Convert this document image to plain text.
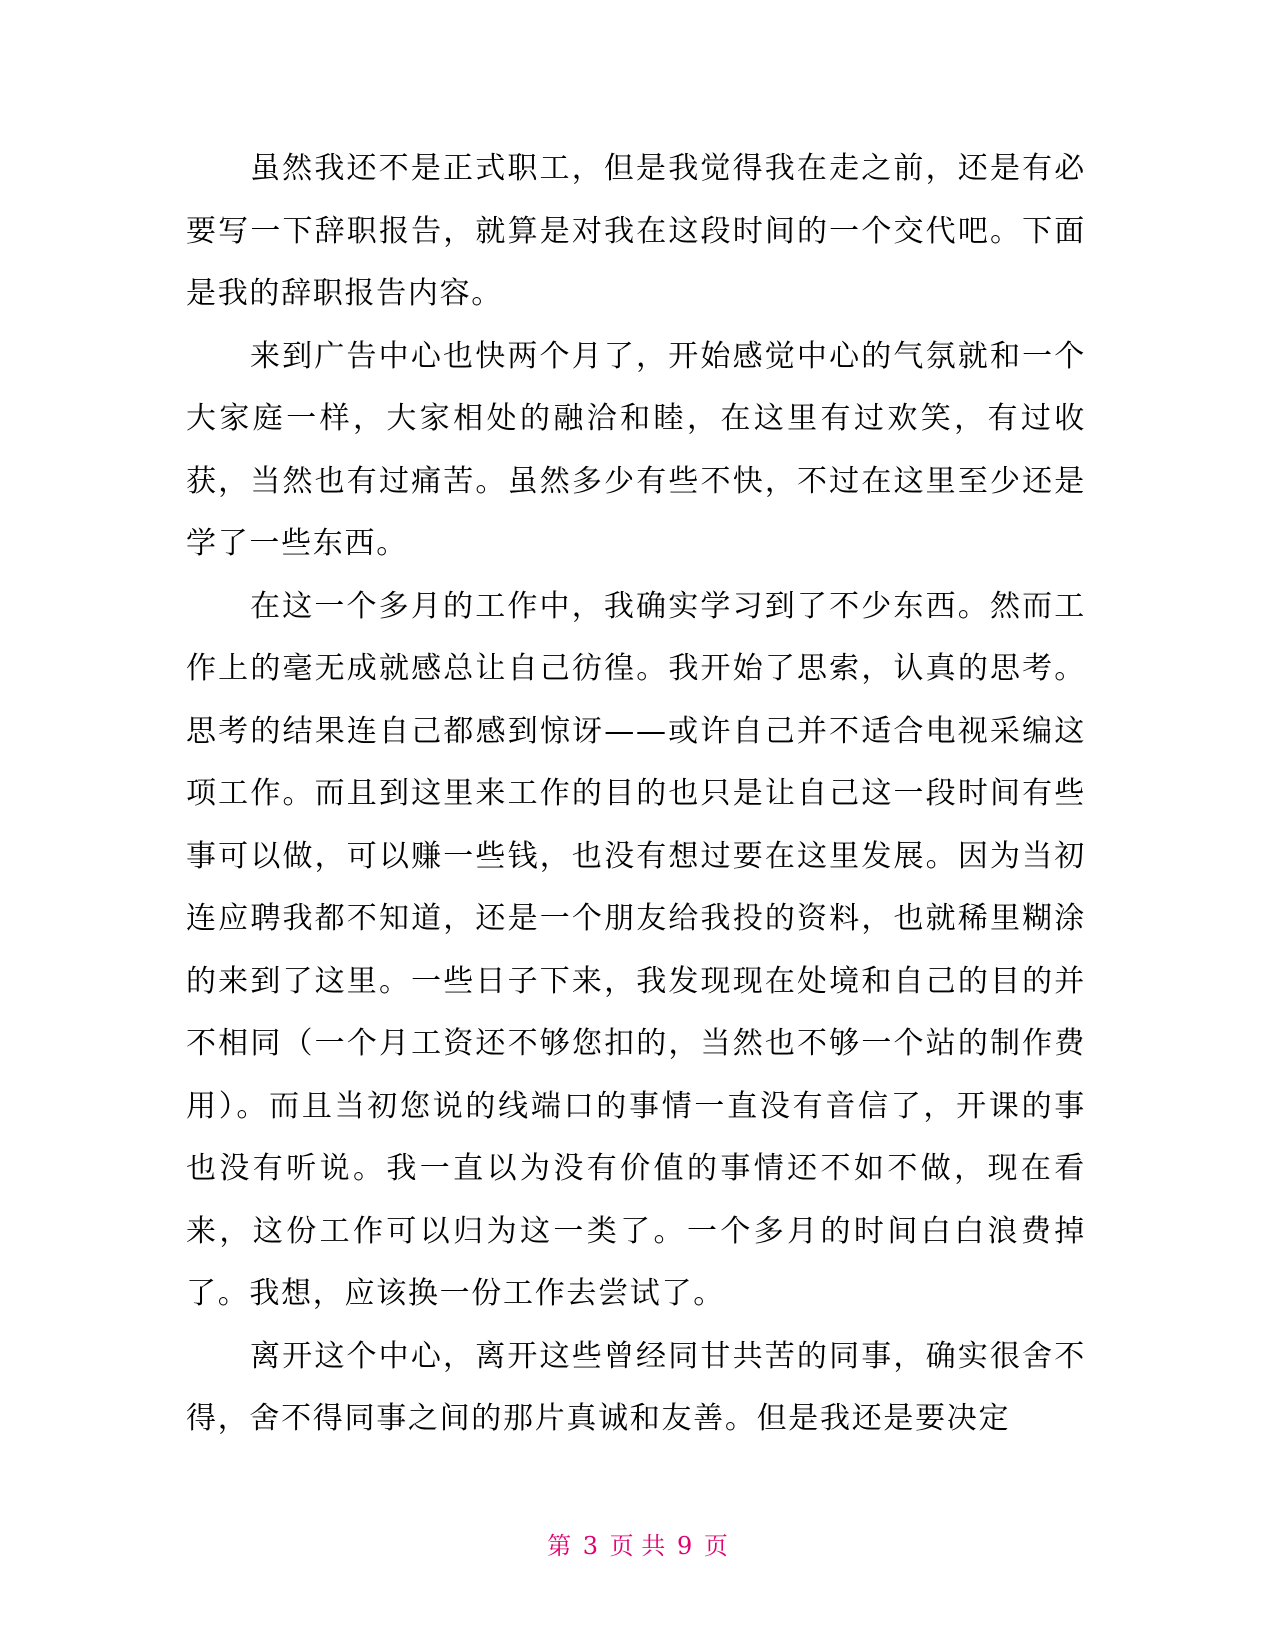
虽然我还不是正式职工，但是我觉得我在走之前，还是有必要写一下辞职报告，就算是对我在这段时间的一个交代吧。下面是我的辞职报告内容。

来到广告中心也快两个月了，开始感觉中心的气氛就和一个大家庭一样，大家相处的融洽和睦，在这里有过欢笑，有过收获，当然也有过痛苦。虽然多少有些不快，不过在这里至少还是学了一些东西。

在这一个多月的工作中，我确实学习到了不少东西。然而工作上的毫无成就感总让自己彷徨。我开始了思索，认真的思考。思考的结果连自己都感到惊讶——或许自己并不适合电视采编这项工作。而且到这里来工作的目的也只是让自己这一段时间有些事可以做，可以赚一些钱，也没有想过要在这里发展。因为当初连应聘我都不知道，还是一个朋友给我投的资料，也就稀里糊涂的来到了这里。一些日子下来，我发现现在处境和自己的目的并不相同（一个月工资还不够您扣的，当然也不够一个站的制作费用）。而且当初您说的线端口的事情一直没有音信了，开课的事也没有听说。我一直以为没有价值的事情还不如不做，现在看来，这份工作可以归为这一类了。一个多月的时间白白浪费掉了。我想，应该换一份工作去尝试了。

离开这个中心，离开这些曾经同甘共苦的同事，确实很舍不得，舍不得同事之间的那片真诚和友善。但是我还是要决定

第 3 页 共 9 页
